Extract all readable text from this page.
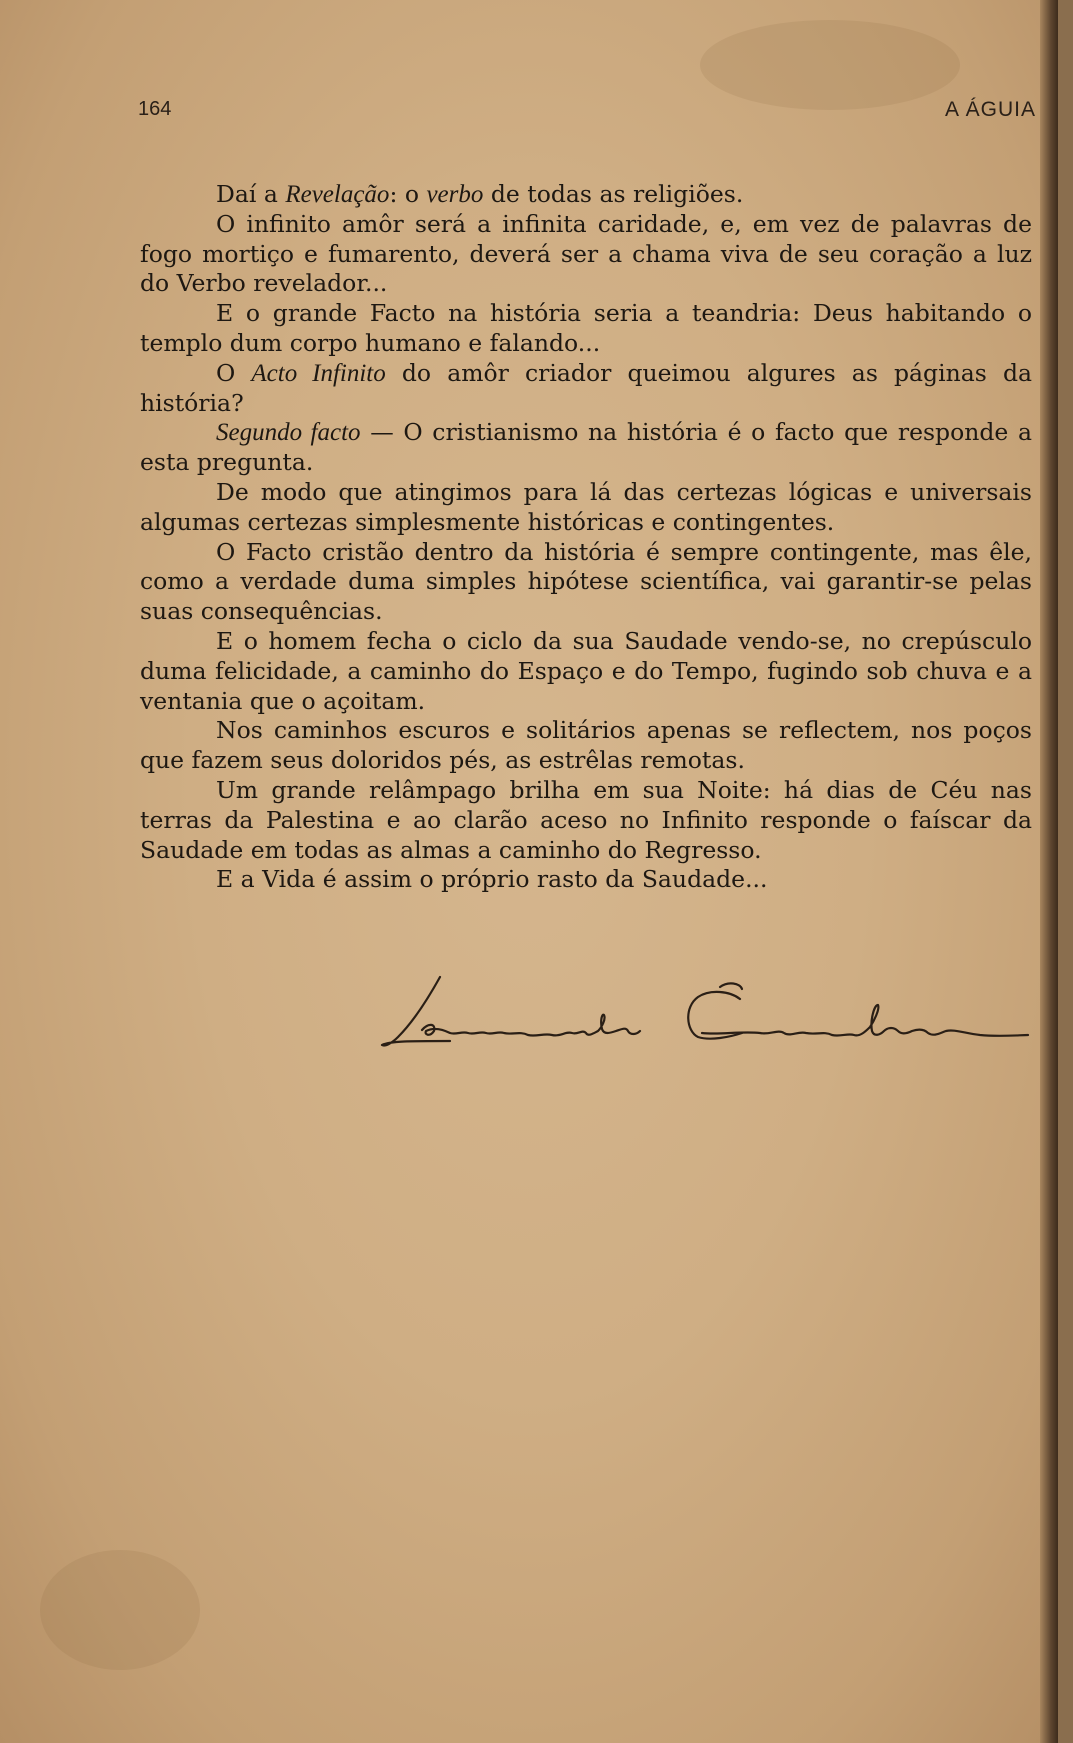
164	A ÁGUIA

Daí a Revelação: o verbo de todas as religiões.

O infinito amôr será a infinita caridade, e, em vez de palavras de fogo mortiço e fumarento, deverá ser a chama viva de seu coração a luz do Verbo revelador...

E o grande Facto na história seria a teandria: Deus habitando o templo dum corpo humano e falando...

O Acto Infinito do amôr criador queimou algures as páginas da história?

Segundo facto — O cristianismo na história é o facto que responde a esta pregunta.

De modo que atingimos para lá das certezas lógicas e universais algumas certezas simplesmente históricas e contingentes.

O Facto cristão dentro da história é sempre contingente, mas êle, como a verdade duma simples hipótese scientífica, vai garantir-se pelas suas consequências.

E o homem fecha o ciclo da sua Saudade vendo-se, no crepúsculo duma felicidade, a caminho do Espaço e do Tempo, fugindo sob chuva e a ventania que o açoitam.

Nos caminhos escuros e solitários apenas se reflectem, nos poços que fazem seus doloridos pés, as estrêlas remotas.

Um grande relâmpago brilha em sua Noite: há dias de Céu nas terras da Palestina e ao clarão aceso no Infinito responde o faíscar da Saudade em todas as almas a caminho do Regresso.

E a Vida é assim o próprio rasto da Saudade...
